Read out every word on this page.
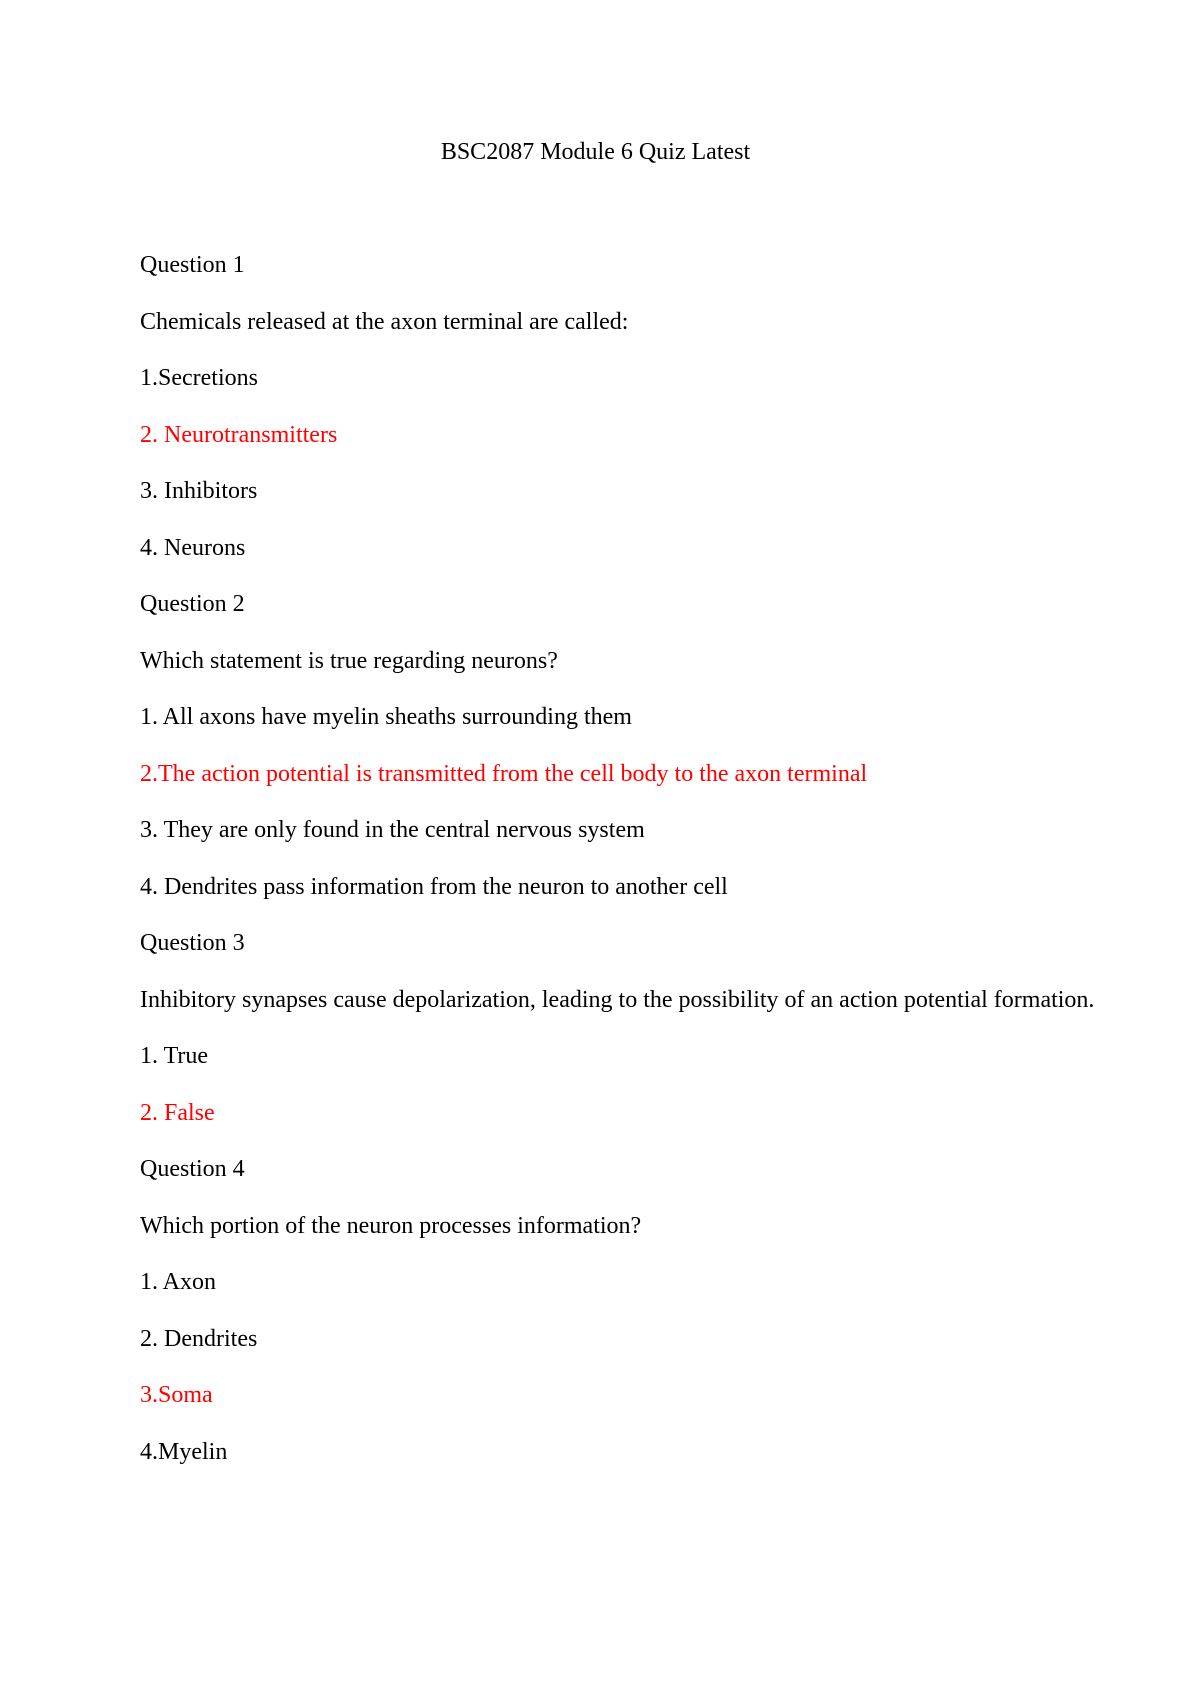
BSC2087 Module 6 Quiz Latest
Question 1
Chemicals released at the axon terminal are called:
1.Secretions
2. Neurotransmitters
3. Inhibitors
4. Neurons
Question 2
Which statement is true regarding neurons?
1. All axons have myelin sheaths surrounding them
2.The action potential is transmitted from the cell body to the axon terminal
3. They are only found in the central nervous system
4. Dendrites pass information from the neuron to another cell
Question 3
Inhibitory synapses cause depolarization, leading to the possibility of an action potential formation.
1. True
2. False
Question 4
Which portion of the neuron processes information?
1. Axon
2. Dendrites
3.Soma
4.Myelin
